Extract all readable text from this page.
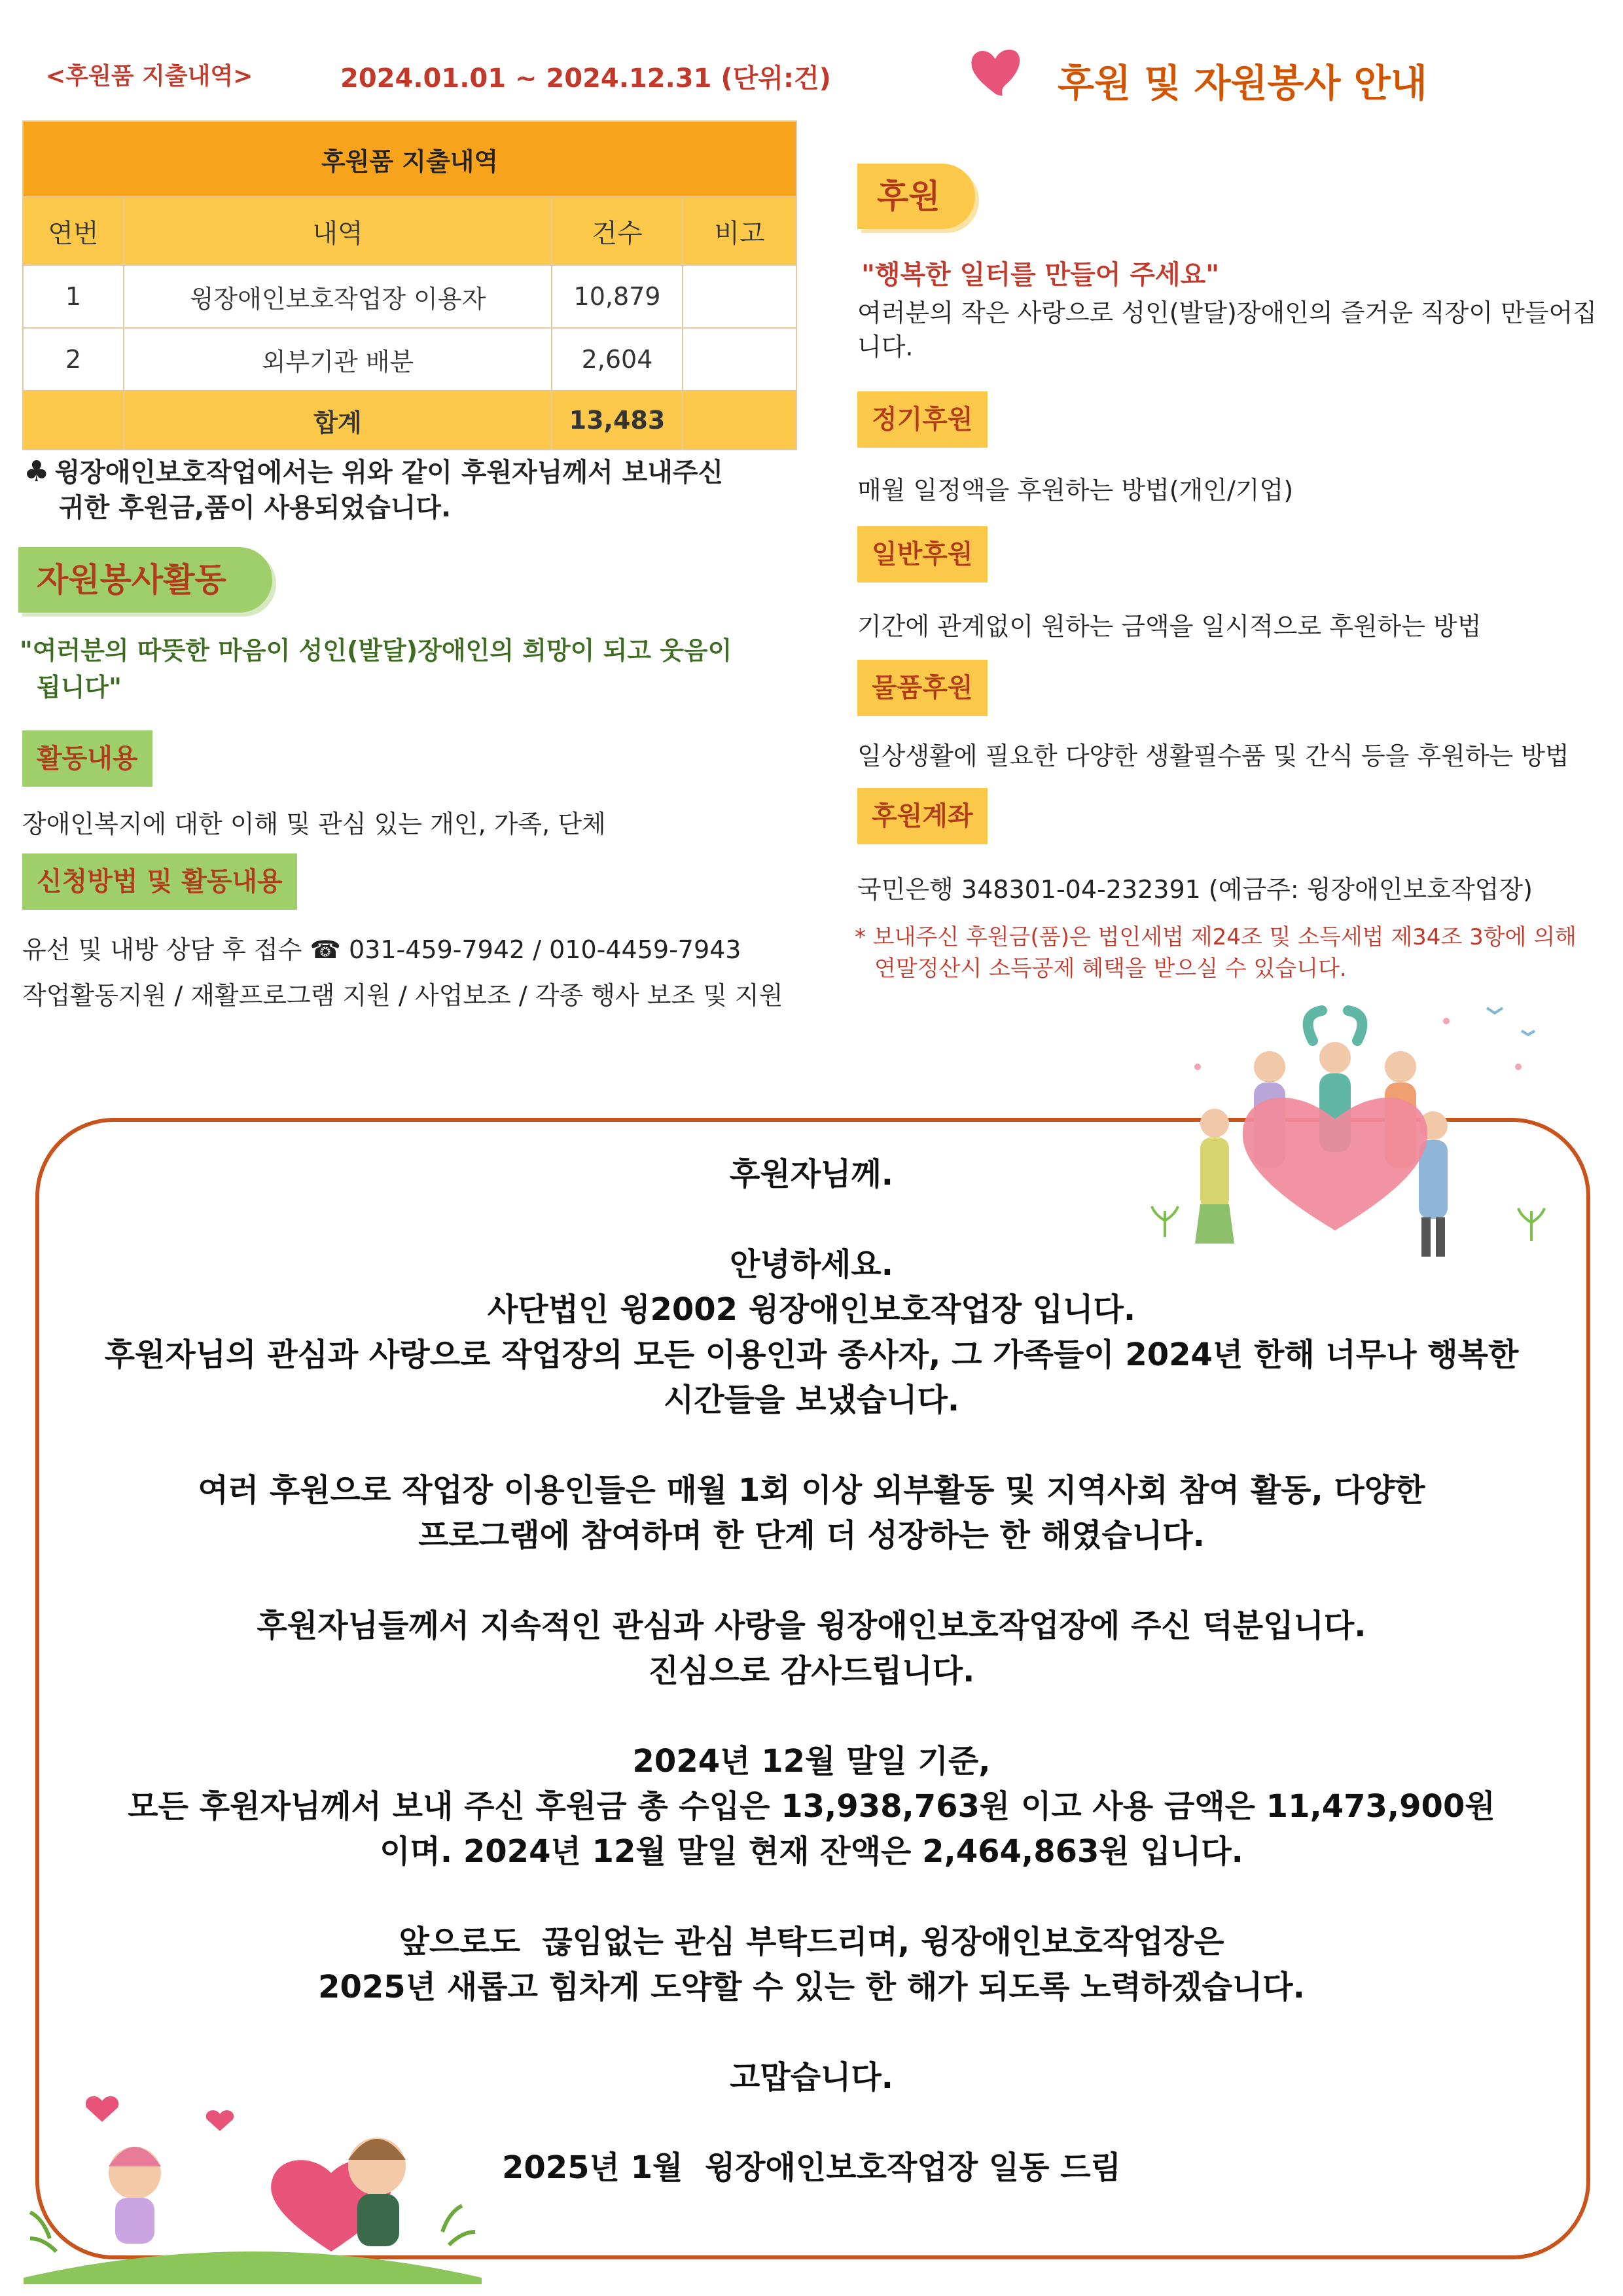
<후원품 지출내역>	2024.01.01 ~ 2024.12.31 (단위:건)
후원품 지출내역			
연번	내역	건수	비고
1	윙장애인보호작업장 이용자	10,879	
2	외부기관 배분	2,604	
	합계	13,483	
♣ 윙장애인보호작업에서는 위와 같이 후원자님께서 보내주신
귀한 후원금,품이 사용되었습니다.
자원봉사활동
"여러분의 따뜻한 마음이 성인(발달)장애인의 희망이 되고 웃음이
됩니다"
활동내용
장애인복지에 대한 이해 및 관심 있는 개인, 가족, 단체
신청방법 및 활동내용
유선 및 내방 상담 후 접수 ☎ 031-459-7942 / 010-4459-7943
작업활동지원 / 재활프로그램 지원 / 사업보조 / 각종 행사 보조 및 지원
후원 및 자원봉사 안내
후원
"행복한 일터를 만들어 주세요"
여러분의 작은 사랑으로 성인(발달)장애인의 즐거운 직장이 만들어집니다.
정기후원
매월 일정액을 후원하는 방법(개인/기업)
일반후원
기간에 관계없이 원하는 금액을 일시적으로 후원하는 방법
물품후원
일상생활에 필요한 다양한 생활필수품 및 간식 등을 후원하는 방법
후원계좌
국민은행 348301-04-232391 (예금주: 윙장애인보호작업장)
* 보내주신 후원금(품)은 법인세법 제24조 및 소득세법 제34조 3항에 의해
연말정산시 소득공제 혜택을 받으실 수 있습니다.

후원자님께.

안녕하세요.

사단법인 윙2002 윙장애인보호작업장 입니다.

후원자님의 관심과 사랑으로 작업장의 모든 이용인과 종사자, 그 가족들이 2024년 한해 너무나 행복한

시간들을 보냈습니다.

여러 후원으로 작업장 이용인들은 매월 1회 이상 외부활동 및 지역사회 참여 활동, 다양한

프로그램에 참여하며 한 단계 더 성장하는 한 해였습니다.

후원자님들께서 지속적인 관심과 사랑을 윙장애인보호작업장에 주신 덕분입니다.

진심으로 감사드립니다.

2024년 12월 말일 기준,

모든 후원자님께서 보내 주신 후원금 총 수입은 13,938,763원 이고 사용 금액은 11,473,900원

이며. 2024년 12월 말일 현재 잔액은 2,464,863원 입니다.

앞으로도  끊임없는 관심 부탁드리며, 윙장애인보호작업장은

2025년 새롭고 힘차게 도약할 수 있는 한 해가 되도록 노력하겠습니다.

고맙습니다.

2025년 1월  윙장애인보호작업장 일동 드림
